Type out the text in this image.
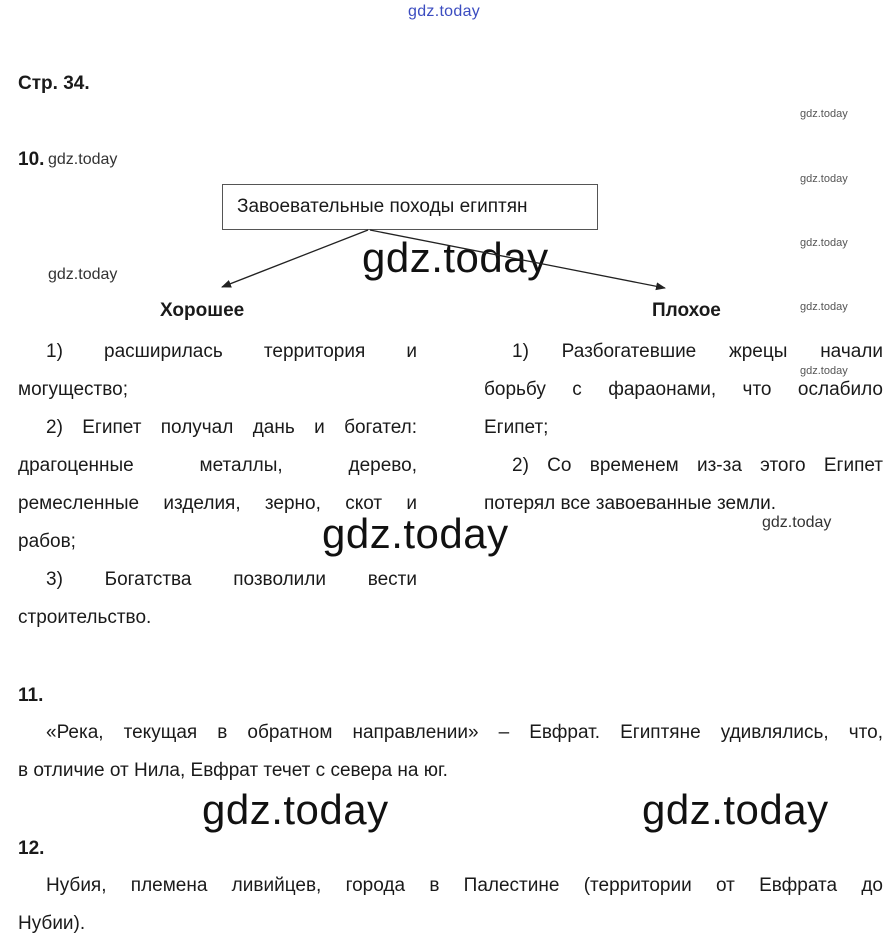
gdz.today
gdz.today
gdz.today
gdz.today
gdz.today
gdz.today
gdz.today
gdz.today
gdz.today
gdz.today
gdz.today
gdz.today	gdz.today
Стр. 34.
10.
Завоевательные походы египтян
Хорошее	Плохое
1) расширилась территория и
могущество;
2) Египет получал дань и богател:
драгоценные металлы, дерево,
ремесленные изделия, зерно, скот и
рабов;
3) Богатства позволили вести
строительство.
1) Разбогатевшие жрецы начали
борьбу с фараонами, что ослабило
Египет;
2) Со временем из-за этого Египет
потерял все завоеванные земли.
11.
«Река, текущая в обратном направлении» – Евфрат. Египтяне удивлялись, что,
в отличие от Нила, Евфрат течет с севера на юг.
12.
Нубия, племена ливийцев, города в Палестине (территории от Евфрата до
Нубии).
